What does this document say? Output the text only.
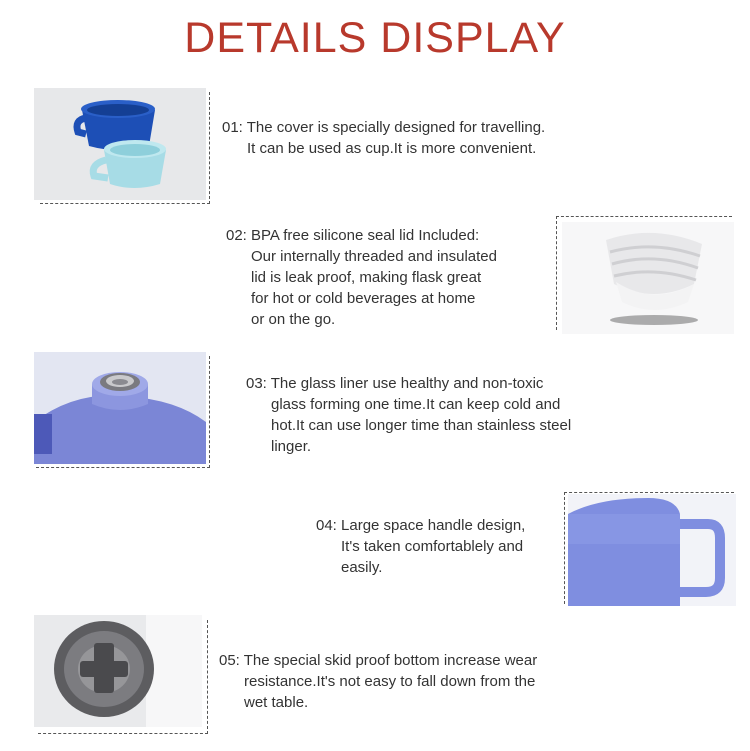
DETAILS DISPLAY
01: The cover is specially designed for travelling.
It can be used as cup.It is more convenient.
02: BPA free silicone seal lid Included:
Our internally threaded and insulated
lid is leak proof, making flask great
for hot or cold beverages at home
or on the go.
03: The glass liner use healthy and non-toxic
glass forming one time.It can keep cold and
hot.It can use longer time than stainless steel
linger.
04: Large space handle design,
It's taken comfortablely and
easily.
05: The special skid proof bottom increase wear
resistance.It's not easy to fall down from the
wet table.
